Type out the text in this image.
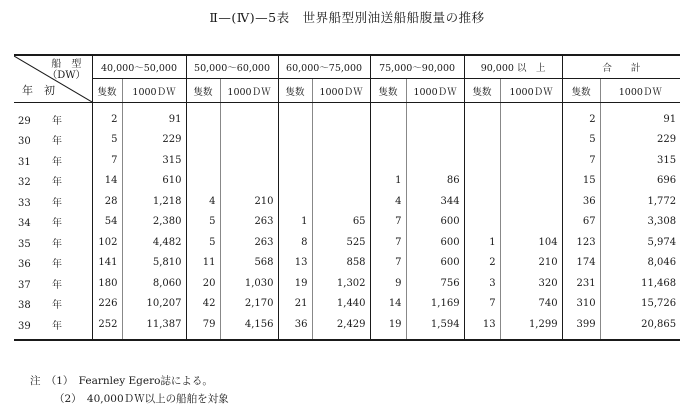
Ⅱ—(Ⅳ)—5表　世界船型別油送船船腹量の推移
船　型
（DW）
年　初	40,000～50,000		50,000～60,000		60,000～75,000		75,000～90,000		90,000 以　上		合　　計	
	隻数	1000ＤＷ	隻数	1000ＤＷ	隻数	1000ＤＷ	隻数	1000ＤＷ	隻数	1000ＤＷ	隻数	1000ＤＷ
29 年	2	91									2	91
30 年	5	229									5	229
31 年	7	315									7	315
32 年	14	610					1	86			15	696
33 年	28	1,218	4	210			4	344			36	1,772
34 年	54	2,380	5	263	1	65	7	600			67	3,308
35 年	102	4,482	5	263	8	525	7	600	1	104	123	5,974
36 年	141	5,810	11	568	13	858	7	600	2	210	174	8,046
37 年	180	8,060	20	1,030	19	1,302	9	756	3	320	231	11,468
38 年	226	10,207	42	2,170	21	1,440	14	1,169	7	740	310	15,726
39 年	252	11,387	79	4,156	36	2,429	19	1,594	13	1,299	399	20,865
注　（1）　Fearnley Egero誌による。
（2）　40,000ＤＷ以上の船舶を対象
